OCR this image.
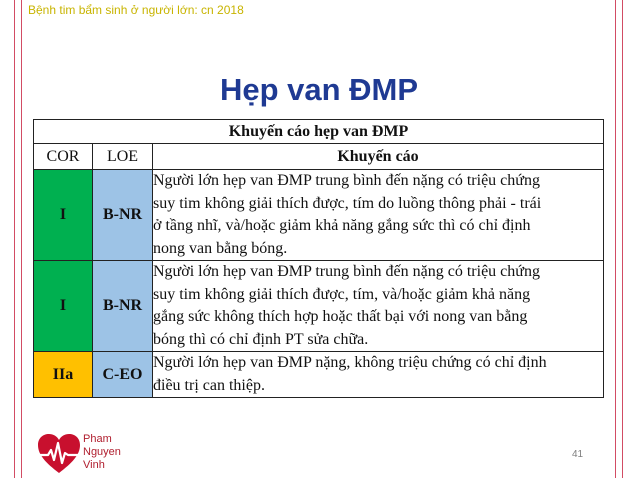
Bệnh tim bẩm sinh ở người lớn: cn 2018
Hẹp van ĐMP
Khuyến cáo hẹp van ĐMP		
COR	LOE	Khuyến cáo
I	B-NR	Người lớn hẹp van ĐMP trung bình đến nặng có triệu chứng
suy tim không giải thích được, tím do luồng thông phải - trái
ở tầng nhĩ, và/hoặc giảm khả năng gắng sức thì có chỉ định
nong van bằng bóng.

I	B-NR	Người lớn hẹp van ĐMP trung bình đến nặng có triệu chứng
suy tim không giải thích được, tím, và/hoặc giảm khả năng
gắng sức không thích hợp hoặc thất bại với nong van bằng
bóng thì có chỉ định PT sửa chữa.

IIa	C-EO	Người lớn hẹp van ĐMP nặng, không triệu chứng có chỉ định
điều trị can thiệp.
Pham
Nguyen
Vinh
41
